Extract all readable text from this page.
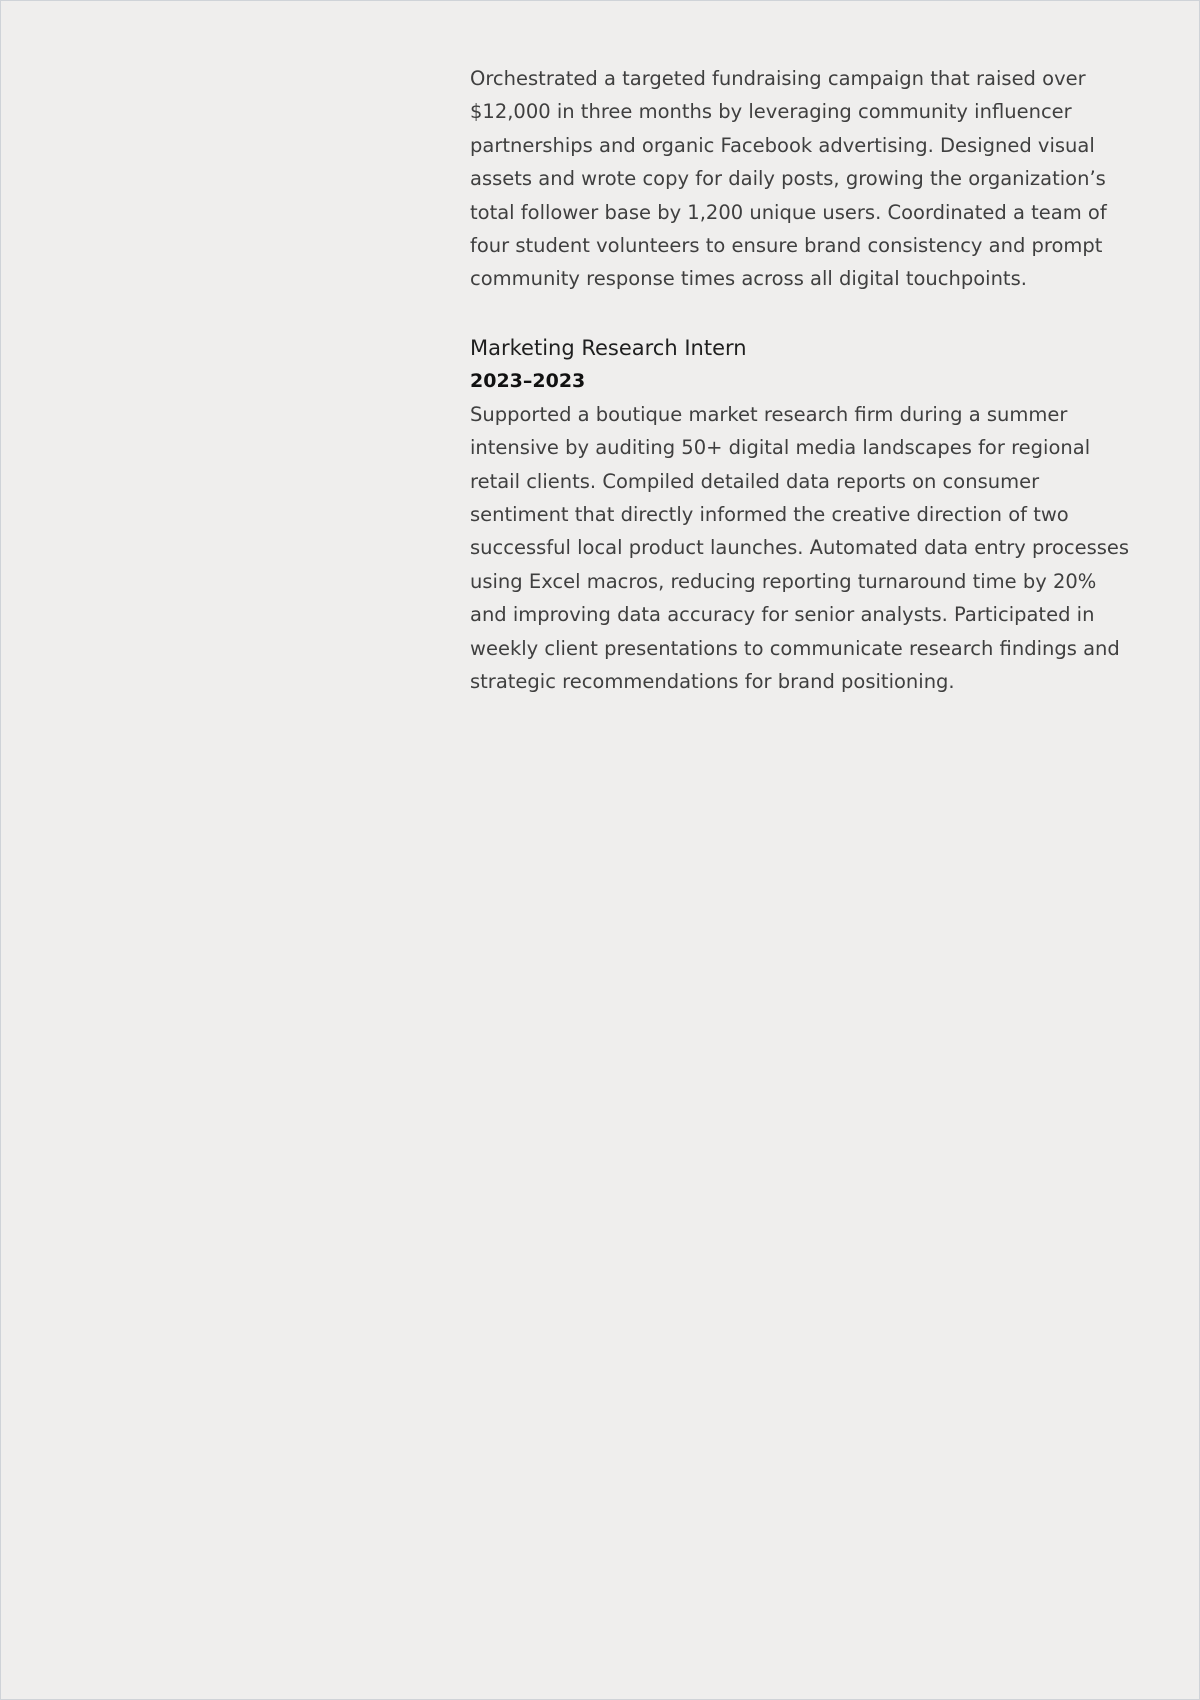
Orchestrated a targeted fundraising campaign that raised over $12,000 in three months by leveraging community influencer partnerships and organic Facebook advertising. Designed visual assets and wrote copy for daily posts, growing the organization’s total follower base by 1,200 unique users. Coordinated a team of four student volunteers to ensure brand consistency and prompt community response times across all digital touchpoints.

Marketing Research Intern

2023–2023

Supported a boutique market research firm during a summer intensive by auditing 50+ digital media landscapes for regional retail clients. Compiled detailed data reports on consumer sentiment that directly informed the creative direction of two successful local product launches. Automated data entry processes using Excel macros, reducing reporting turnaround time by 20% and improving data accuracy for senior analysts. Participated in weekly client presentations to communicate research findings and strategic recommendations for brand positioning.
